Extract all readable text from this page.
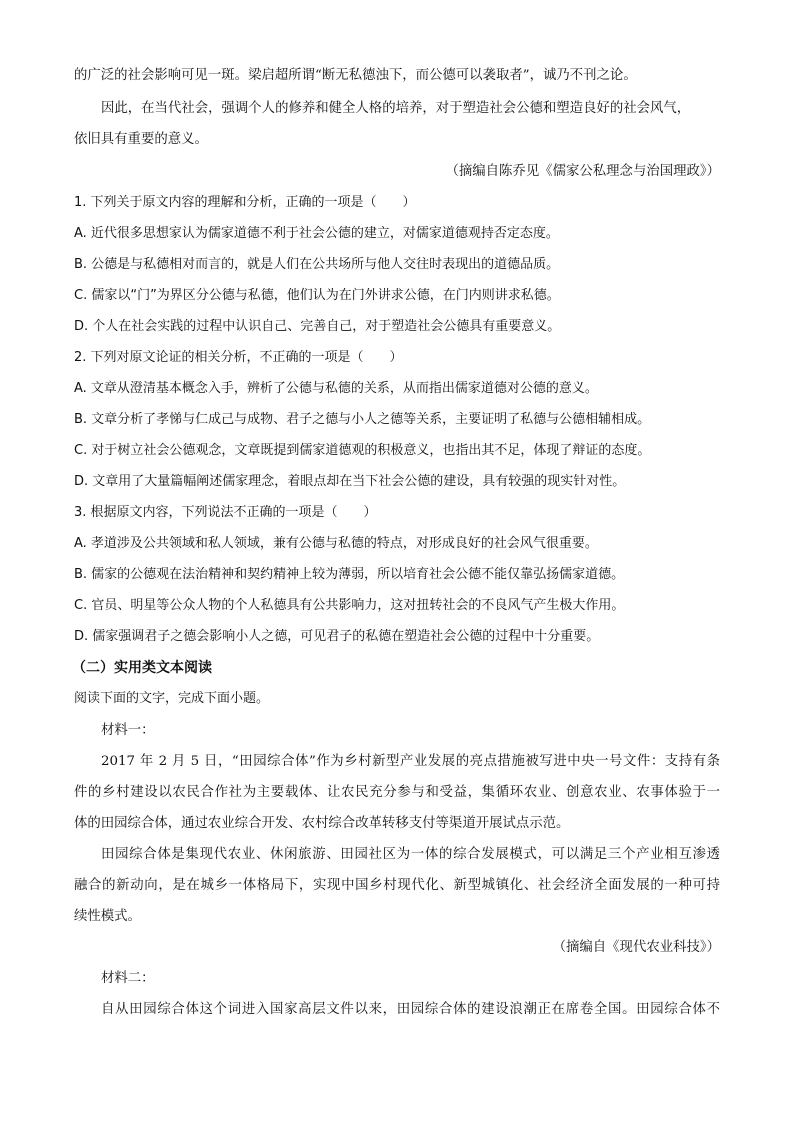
的广泛的社会影响可见一斑。梁启超所谓“断无私德浊下，而公德可以袭取者”，诚乃不刊之论。
因此，在当代社会，强调个人的修养和健全人格的培养，对于塑造社会公德和塑造良好的社会风气，
依旧具有重要的意义。
（摘编自陈乔见《儒家公私理念与治国理政》）
1. 下列关于原文内容的理解和分析，正确的一项是（　　）
A. 近代很多思想家认为儒家道德不利于社会公德的建立，对儒家道德观持否定态度。
B. 公德是与私德相对而言的，就是人们在公共场所与他人交往时表现出的道德品质。
C. 儒家以“门”为界区分公德与私德，他们认为在门外讲求公德，在门内则讲求私德。
D. 个人在社会实践的过程中认识自己、完善自己，对于塑造社会公德具有重要意义。
2. 下列对原文论证的相关分析，不正确的一项是（　　）
A. 文章从澄清基本概念入手，辨析了公德与私德的关系，从而指出儒家道德对公德的意义。
B. 文章分析了孝悌与仁成己与成物、君子之德与小人之德等关系，主要证明了私德与公德相辅相成。
C. 对于树立社会公德观念，文章既提到儒家道德观的积极意义，也指出其不足，体现了辩证的态度。
D. 文章用了大量篇幅阐述儒家理念，着眼点却在当下社会公德的建设，具有较强的现实针对性。
3. 根据原文内容，下列说法不正确的一项是（　　）
A. 孝道涉及公共领域和私人领域，兼有公德与私德的特点，对形成良好的社会风气很重要。
B. 儒家的公德观在法治精神和契约精神上较为薄弱，所以培育社会公德不能仅靠弘扬儒家道德。
C. 官员、明星等公众人物的个人私德具有公共影响力，这对扭转社会的不良风气产生极大作用。
D. 儒家强调君子之德会影响小人之德，可见君子的私德在塑造社会公德的过程中十分重要。
（二）实用类文本阅读
阅读下面的文字，完成下面小题。
材料一：
2017 年 2 月 5 日，“田园综合体”作为乡村新型产业发展的亮点措施被写进中央一号文件：支持有条
件的乡村建设以农民合作社为主要载体、让农民充分参与和受益，集循环农业、创意农业、农事体验于一
体的田园综合体，通过农业综合开发、农村综合改革转移支付等渠道开展试点示范。
田园综合体是集现代农业、休闲旅游、田园社区为一体的综合发展模式，可以满足三个产业相互渗透
融合的新动向，是在城乡一体格局下，实现中国乡村现代化、新型城镇化、社会经济全面发展的一种可持
续性模式。
（摘编自《现代农业科技》）
材料二：
自从田园综合体这个词进入国家高层文件以来，田园综合体的建设浪潮正在席卷全国。田园综合体不
